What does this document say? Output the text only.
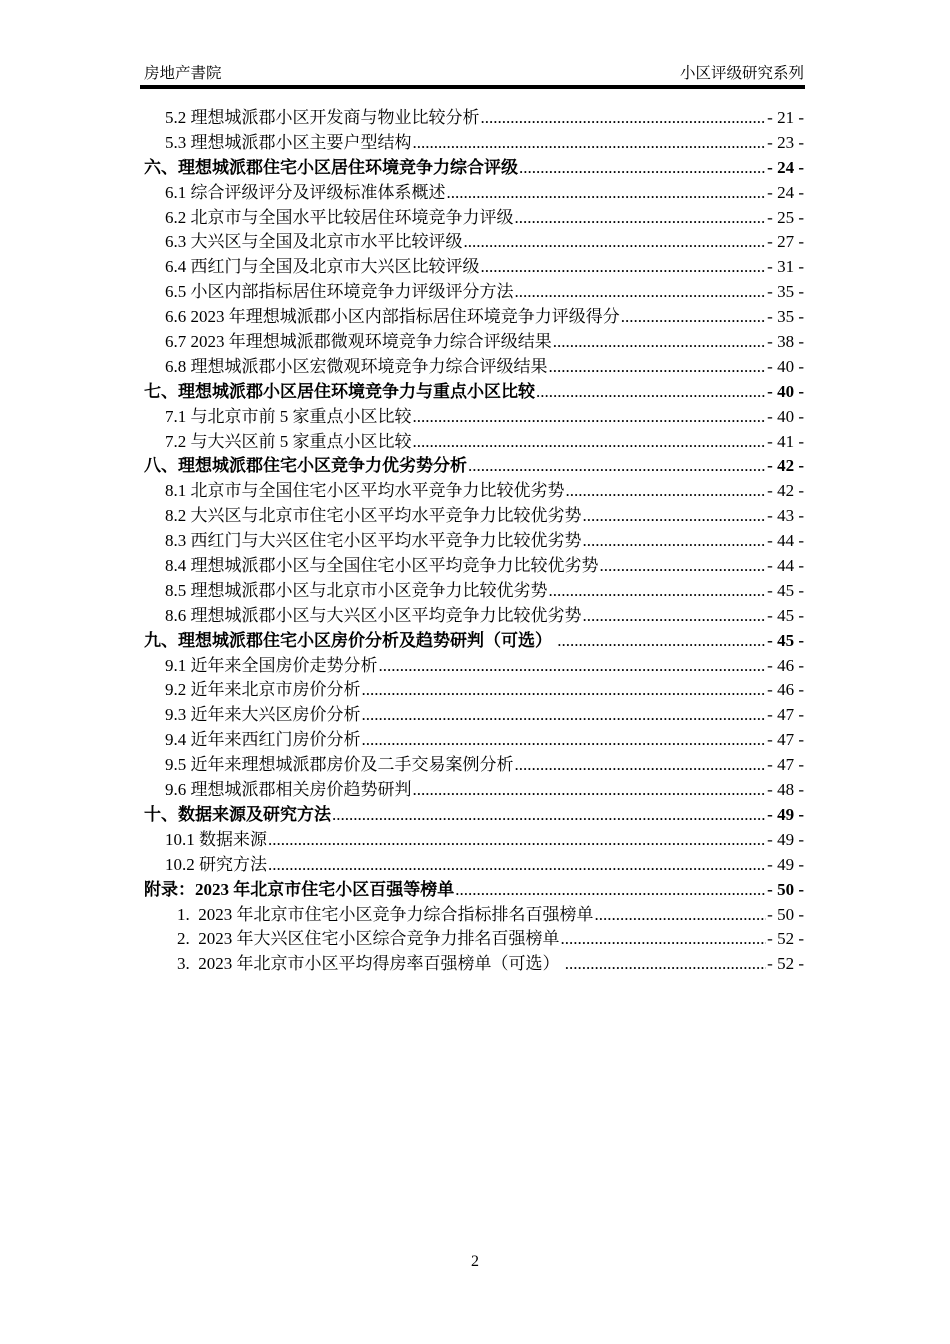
房地产書院	小区评级研究系列
5.2 理想城派郡小区开发商与物业比较分析 .....	- 21 -
5.3 理想城派郡小区主要户型结构 .....	- 23 -
六、理想城派郡住宅小区居住环境竞争力综合评级 .....	- 24 -
6.1 综合评级评分及评级标准体系概述 .....	- 24 -
6.2 北京市与全国水平比较居住环境竞争力评级 .....	- 25 -
6.3 大兴区与全国及北京市水平比较评级 .....	- 27 -
6.4 西红门与全国及北京市大兴区比较评级 .....	- 31 -
6.5 小区内部指标居住环境竞争力评级评分方法 .....	- 35 -
6.6 2023 年理想城派郡小区内部指标居住环境竞争力评级得分 .....	- 35 -
6.7 2023 年理想城派郡微观环境竞争力综合评级结果 .....	- 38 -
6.8 理想城派郡小区宏微观环境竞争力综合评级结果 .....	- 40 -
七、理想城派郡小区居住环境竞争力与重点小区比较 .....	- 40 -
7.1 与北京市前 5 家重点小区比较 .....	- 40 -
7.2 与大兴区前 5 家重点小区比较 .....	- 41 -
八、理想城派郡住宅小区竞争力优劣势分析 .....	- 42 -
8.1 北京市与全国住宅小区平均水平竞争力比较优劣势 .....	- 42 -
8.2 大兴区与北京市住宅小区平均水平竞争力比较优劣势 .....	- 43 -
8.3 西红门与大兴区住宅小区平均水平竞争力比较优劣势 .....	- 44 -
8.4 理想城派郡小区与全国住宅小区平均竞争力比较优劣势 .....	- 44 -
8.5 理想城派郡小区与北京市小区竞争力比较优劣势 .....	- 45 -
8.6 理想城派郡小区与大兴区小区平均竞争力比较优劣势 .....	- 45 -
九、理想城派郡住宅小区房价分析及趋势研判（可选） .....	- 45 -
9.1 近年来全国房价走势分析 .....	- 46 -
9.2 近年来北京市房价分析 .....	- 46 -
9.3 近年来大兴区房价分析 .....	- 47 -
9.4 近年来西红门房价分析 .....	- 47 -
9.5 近年来理想城派郡房价及二手交易案例分析 .....	- 47 -
9.6 理想城派郡相关房价趋势研判 .....	- 48 -
十、数据来源及研究方法 .....	- 49 -
10.1 数据来源 .....	- 49 -
10.2 研究方法 .....	- 49 -
附录：2023 年北京市住宅小区百强等榜单 .....	- 50 -
1.  2023 年北京市住宅小区竞争力综合指标排名百强榜单 .....	- 50 -
2.  2023 年大兴区住宅小区综合竞争力排名百强榜单 .....	- 52 -
3.  2023 年北京市小区平均得房率百强榜单（可选） .....	- 52 -
2
